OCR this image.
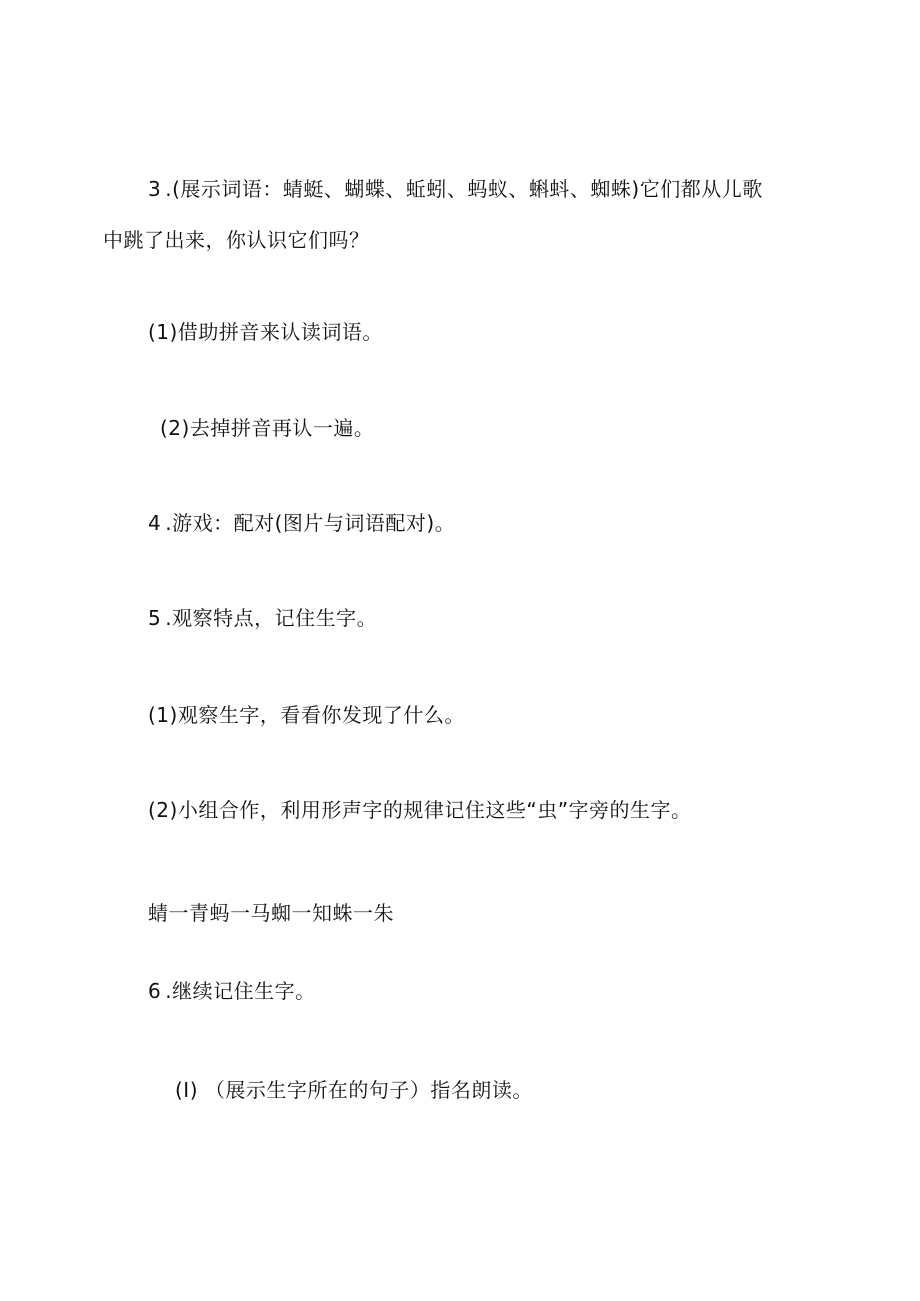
3 .(展示词语：蜻蜓、蝴蝶、蚯蚓、蚂蚁、蝌蚪、蜘蛛)它们都从儿歌
中跳了出来，你认识它们吗？
(1)借助拼音来认读词语。
(2)去掉拼音再认一遍。
4 .游戏：配对(图片与词语配对)。
5 .观察特点，记住生字。
(1)观察生字，看看你发现了什么。
(2)小组合作，利用形声字的规律记住这些“虫”字旁的生字。
蜻一青蚂一马蜘一知蛛一朱
6 .继续记住生字。
(I) （展示生字所在的句子）指名朗读。
